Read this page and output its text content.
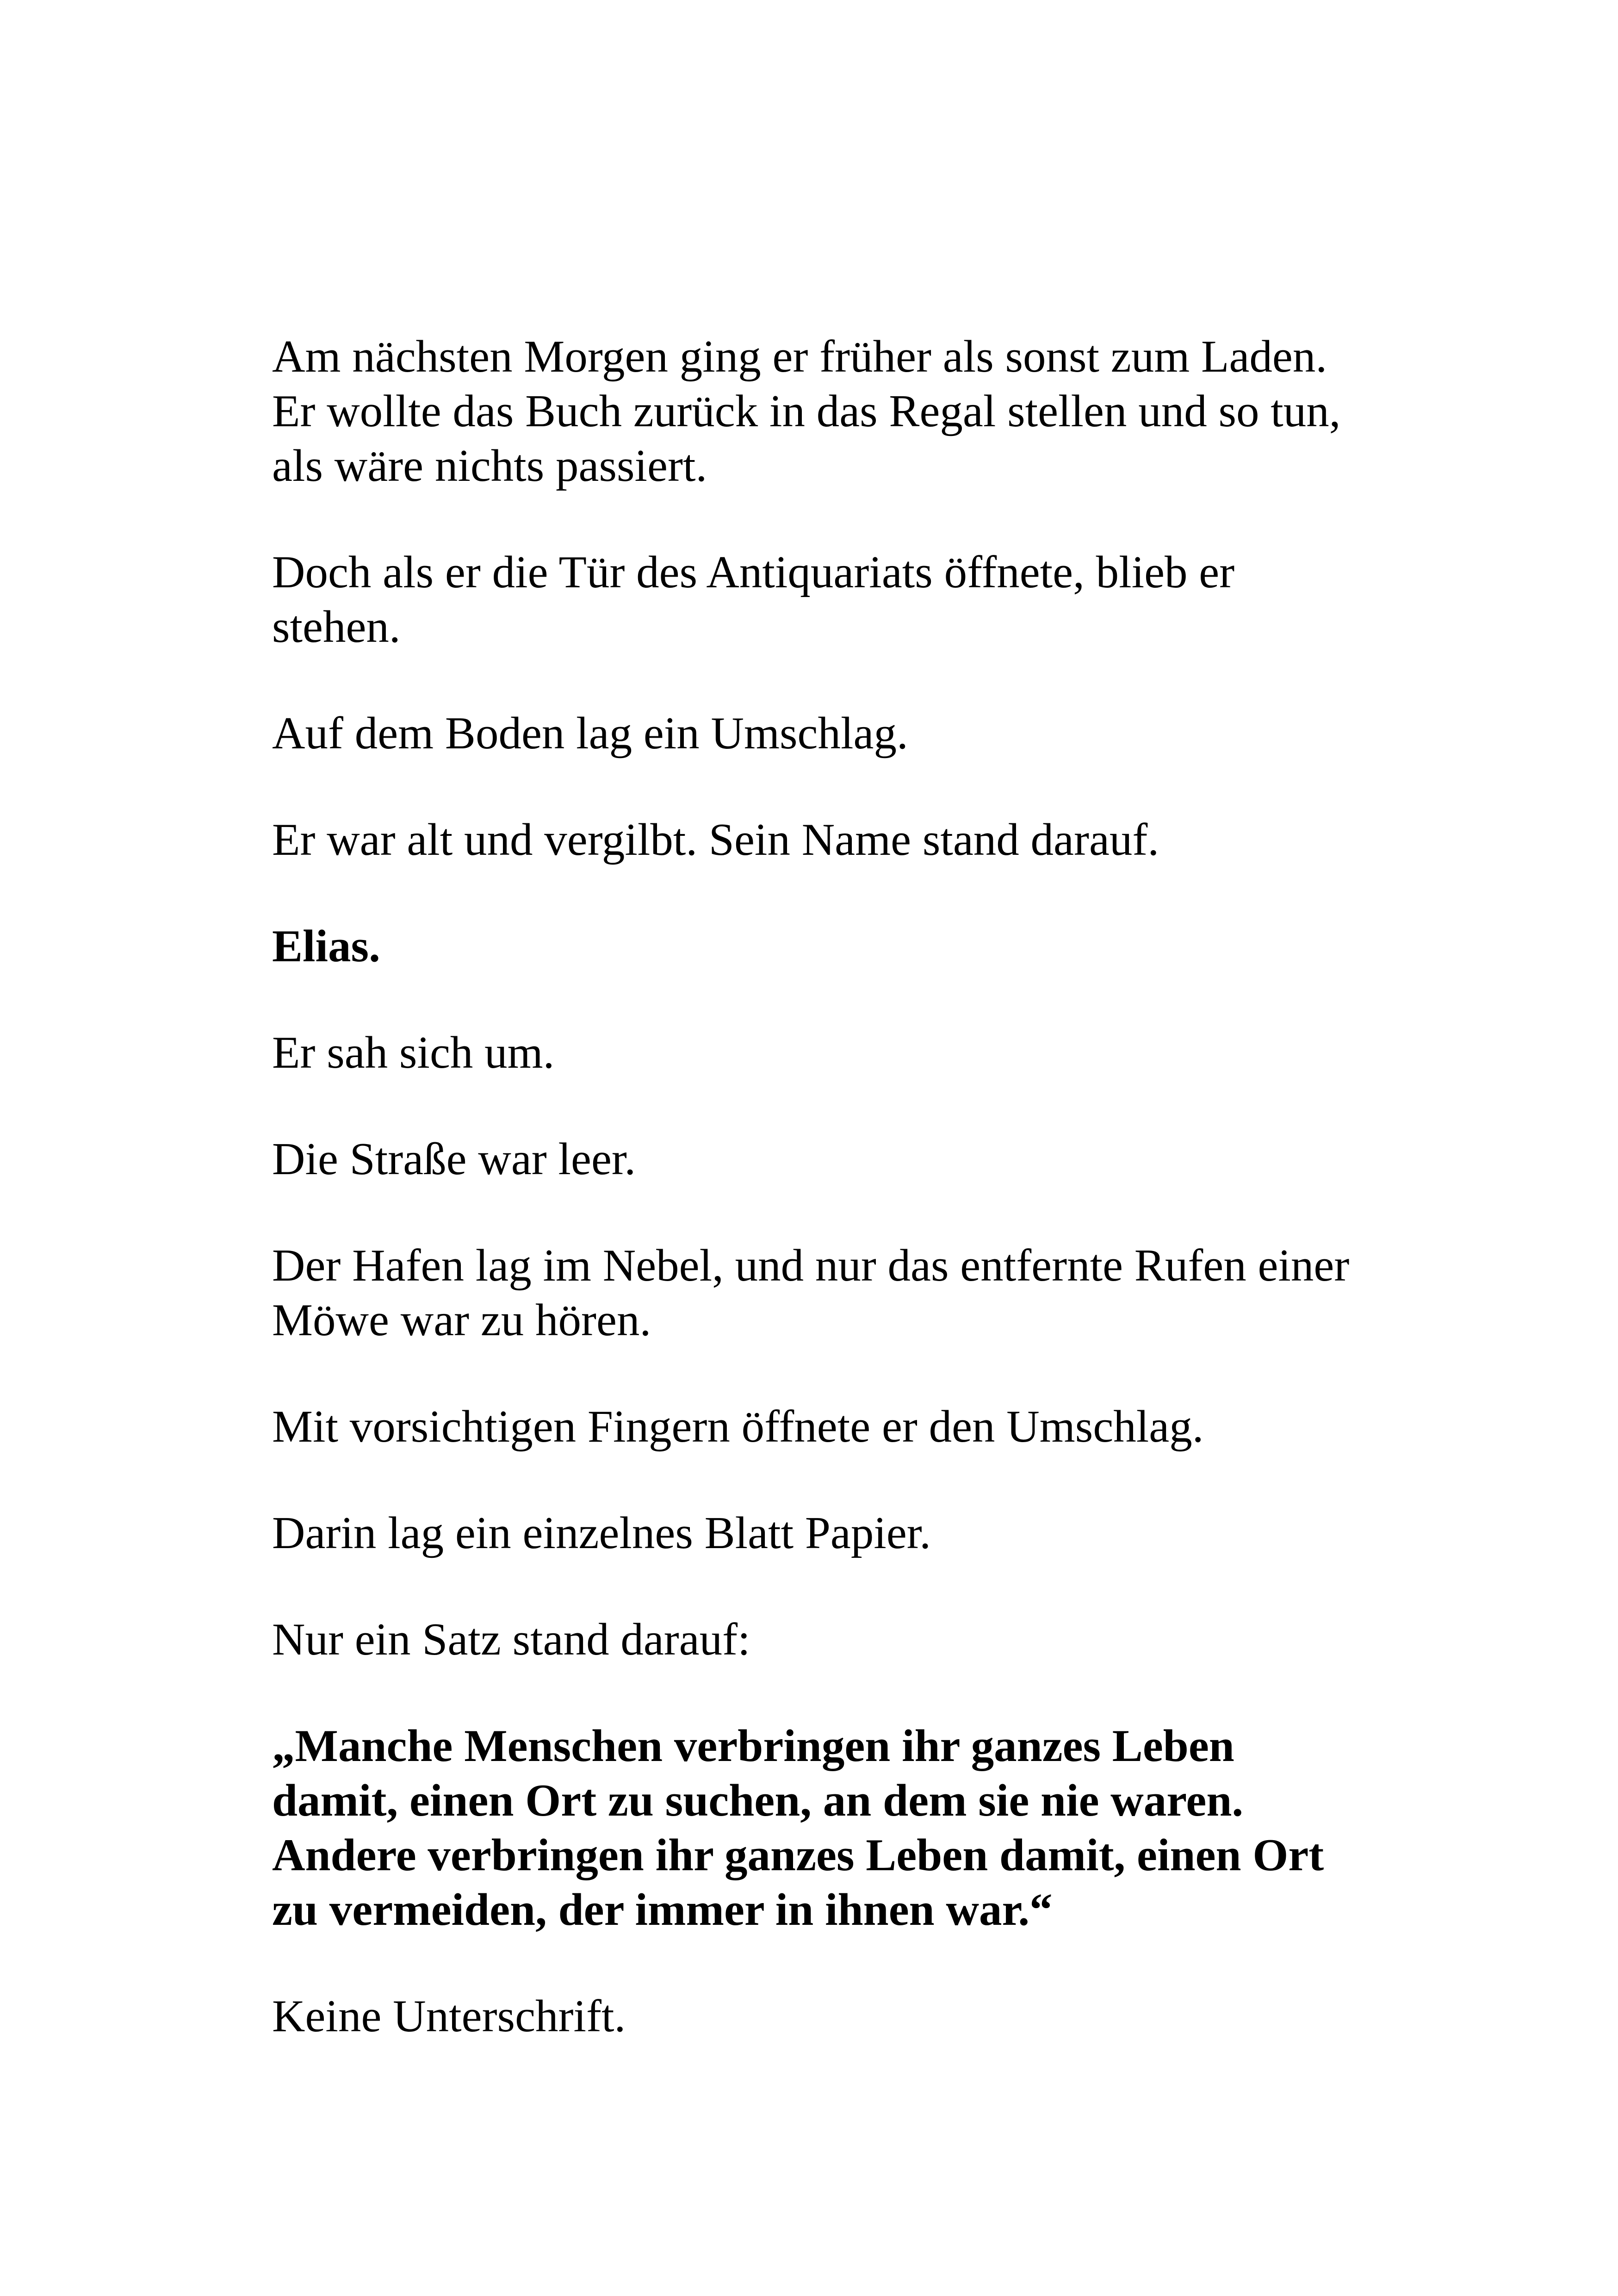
Am nächsten Morgen ging er früher als sonst zum Laden. Er wollte das Buch zurück in das Regal stellen und so tun, als wäre nichts passiert.

Doch als er die Tür des Antiquariats öffnete, blieb er stehen.

Auf dem Boden lag ein Umschlag.

Er war alt und vergilbt. Sein Name stand darauf.

Elias.

Er sah sich um.

Die Straße war leer.

Der Hafen lag im Nebel, und nur das entfernte Rufen einer Möwe war zu hören.

Mit vorsichtigen Fingern öffnete er den Umschlag.

Darin lag ein einzelnes Blatt Papier.

Nur ein Satz stand darauf:

„Manche Menschen verbringen ihr ganzes Leben damit, einen Ort zu suchen, an dem sie nie waren. Andere verbringen ihr ganzes Leben damit, einen Ort zu vermeiden, der immer in ihnen war.“

Keine Unterschrift.
